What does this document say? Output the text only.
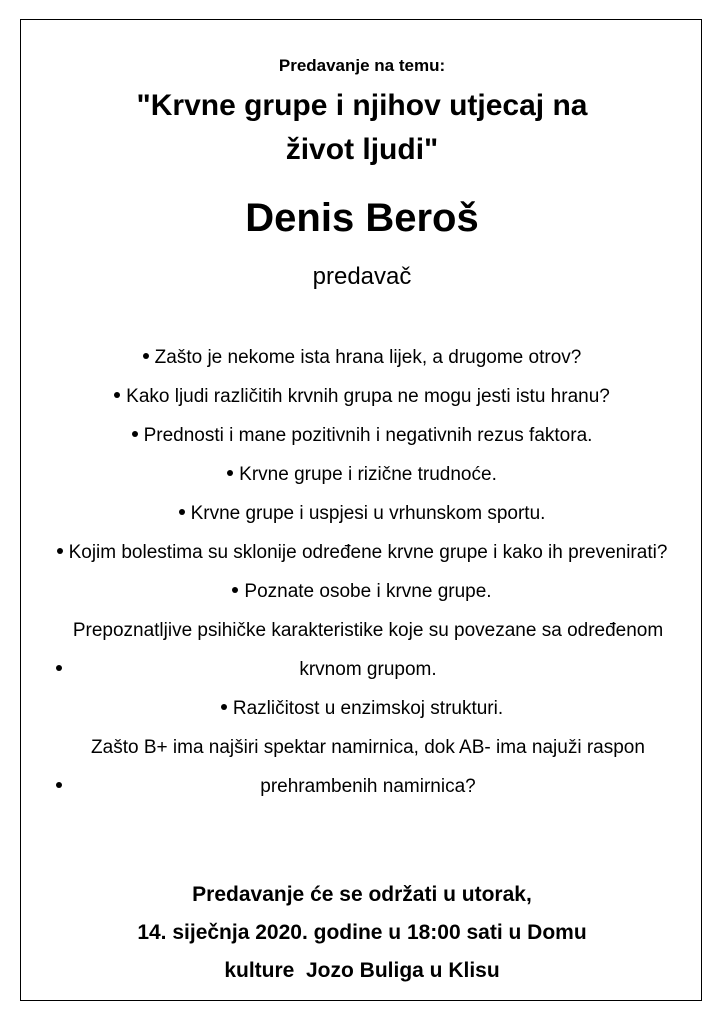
Predavanje na temu:
"Krvne grupe i njihov utjecaj na
život ljudi"
Denis Beroš
predavač
Zašto je nekome ista hrana lijek, a drugome otrov?
Kako ljudi različitih krvnih grupa ne mogu jesti istu hranu?
Prednosti i mane pozitivnih i negativnih rezus faktora.
Krvne grupe i rizične trudnoće.
Krvne grupe i uspjesi u vrhunskom sportu.
Kojim bolestima su sklonije određene krvne grupe i kako ih prevenirati?
Poznate osobe i krvne grupe.
Prepoznatljive psihičke karakteristike koje su povezane sa određenom krvnom grupom.
Različitost u enzimskoj strukturi.
Zašto B+ ima najširi spektar namirnica, dok AB- ima najuži raspon prehrambenih namirnica?
Predavanje će se održati u utorak,
14. siječnja 2020. godine u 18:00 sati u Domu
kulture  Jozo Buliga u Klisu
